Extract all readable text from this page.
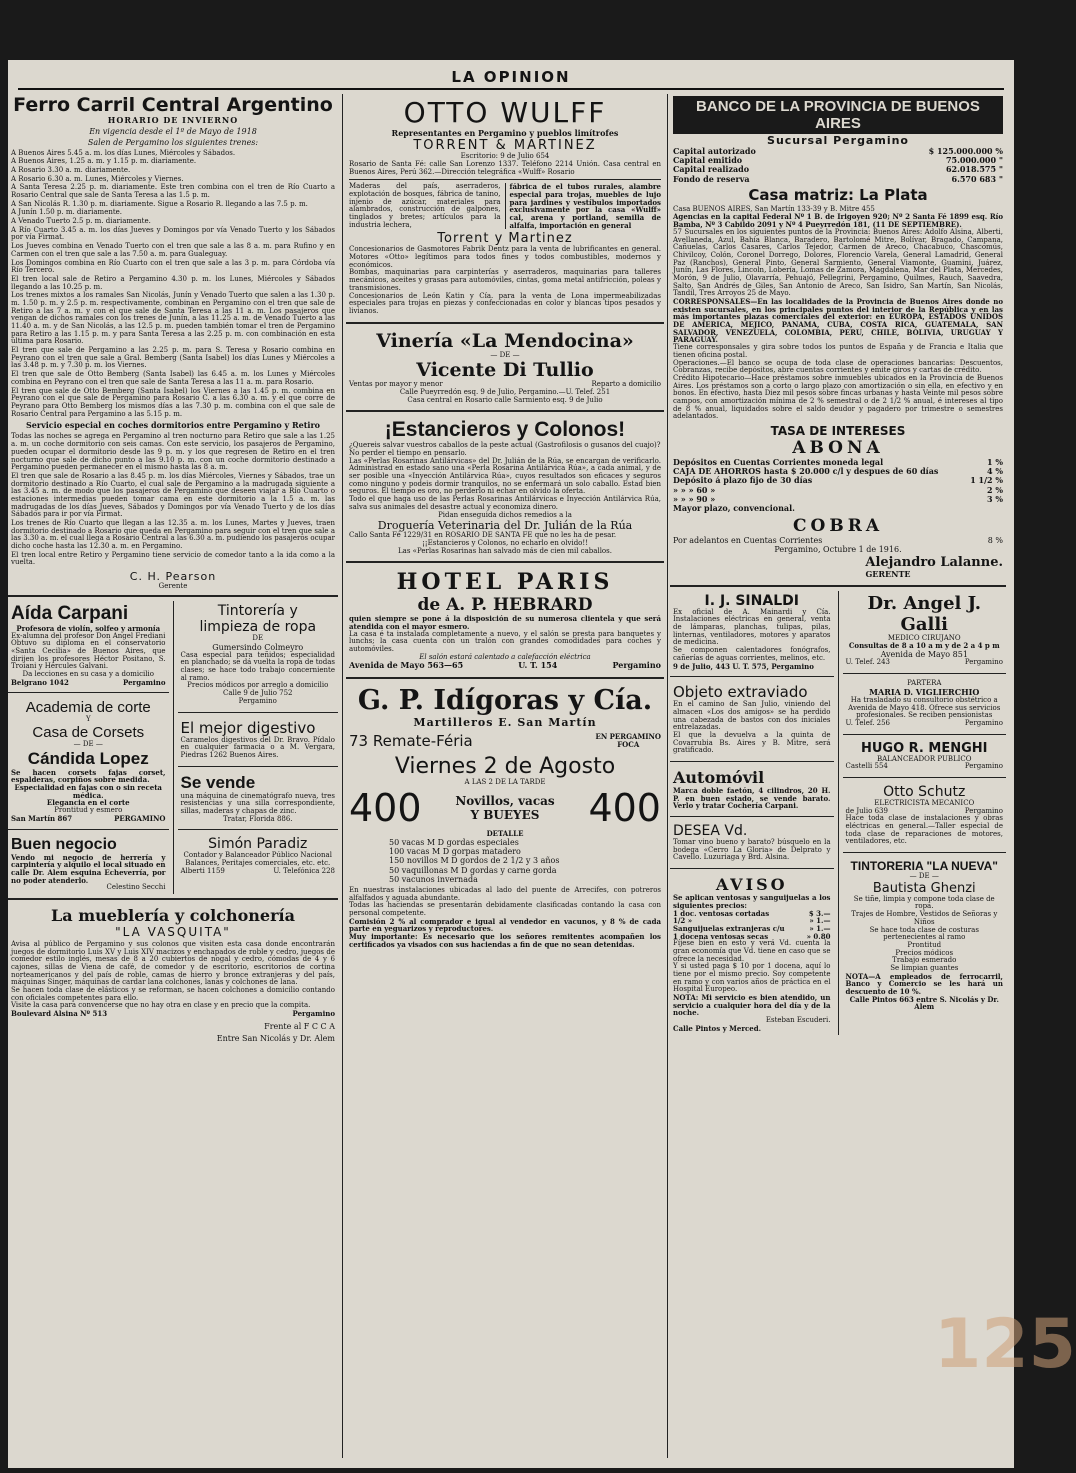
LA OPINION
Ferro Carril Central Argentino
HORARIO DE INVIERNO
En vigencia desde el 1º de Mayo de 1918
Salen de Pergamino los siguientes trenes:

A Buenos Aires 5.45 a. m. los días Lunes, Miércoles y Sábados.

A Buenos Aires, 1.25 a. m. y 1.15 p. m. diariamente.

A Rosario 3.30 a. m. diariamente.

A Rosario 6.30 a. m. Lunes, Miércoles y Viernes.

A Santa Teresa 2.25 p. m. diariamente. Este tren combina con el tren de Río Cuarto a Rosario Central que sale de Santa Teresa a las 1.5 p. m.

A San Nicolás R. 1.30 p. m. diariamente. Sigue a Rosario R. llegando a las 7.5 p. m.

A Junín 1.50 p. m. diariamente.

A Venado Tuerto 2.5 p. m. diariamente.

A Río Cuarto 3.45 a. m. los días Jueves y Domingos por vía Venado Tuerto y los Sábados por vía Firmat.

Los Jueves combina en Venado Tuerto con el tren que sale a las 8 a. m. para Rufino y en Carmen con el tren que sale a las 7.50 a. m. para Gualeguay.

Los Domingos combina en Río Cuarto con el tren que sale a las 3 p. m. para Córdoba vía Río Tercero.

El tren local sale de Retiro a Pergamino 4.30 p. m. los Lunes, Miércoles y Sábados llegando a las 10.25 p. m.

Los trenes mixtos a los ramales San Nicolás, Junín y Venado Tuerto que salen a las 1.30 p. m. 1.50 p. m. y 2.5 p. m. respectivamente, combinan en Pergamino con el tren que sale de Retiro a las 7 a. m. y con el que sale de Santa Teresa a las 11 a. m. Los pasajeros que vengan de dichos ramales con los trenes de Junín, a las 11.25 a. m. de Venado Tuerto a las 11.40 a. m. y de San Nicolás, a las 12.5 p. m. pueden también tomar el tren de Pergamino para Retiro a las 1.15 p. m. y para Santa Teresa a las 2.25 p. m. con combinación en esta última para Rosario.

El tren que sale de Pergamino a las 2.25 p. m. para S. Teresa y Rosario combina en Peyrano con el tren que sale a Gral. Bemberg (Santa Isabel) los días Lunes y Miércoles a las 3.48 p. m. y 7.30 p. m. los Viernes.

El tren que sale de Otto Bemberg (Santa Isabel) las 6.45 a. m. los Lunes y Miércoles combina en Peyrano con el tren que sale de Santa Teresa a las 11 a. m. para Rosario.

El tren que sale de Otto Bemberg (Santa Isabel) los Viernes a las 1.45 p. m. combina en Peyrano con el que sale de Pergamino para Rosario C. a las 6.30 a. m. y el que corre de Peyrano para Otto Bemberg los mismos días a las 7.30 p. m. combina con el que sale de Rosario Central para Pergamino a las 5.15 p. m.

Servicio especial en coches dormitorios entre Pergamino y Retiro

Todas las noches se agrega en Pergamino al tren nocturno para Retiro que sale a las 1.25 a. m. un coche dormitorio con seis camas. Con este servicio, los pasajeros de Pergamino, pueden ocupar el dormitorio desde las 9 p. m. y los que regresen de Retiro en el tren nocturno que sale de dicho punto a las 9.10 p. m. con un coche dormitorio destinado a Pergamino pueden permanecer en el mismo hasta las 8 a. m.

El tren que sale de Rosario a las 8.45 p. m. los días Miércoles, Viernes y Sábados, trae un dormitorio destinado a Río Cuarto, el cual sale de Pergamino a la madrugada siguiente a las 3.45 a. m. de modo que los pasajeros de Pergamino que deseen viajar a Río Cuarto o estaciones intermedias pueden tomar cama en este dormitorio a la 1.5 a. m. las madrugadas de los días Jueves, Sábados y Domingos por vía Venado Tuerto y de los días Sábados para ir por vía Firmat.

Los trenes de Río Cuarto que llegan a las 12.35 a. m. los Lunes, Martes y Jueves, traen dormitorio destinado a Rosario que queda en Pergamino para seguir con el tren que sale a las 3.30 a. m. el cual llega a Rosario Central a las 6.30 a. m. pudiendo los pasajeros ocupar dicho coche hasta las 12.30 a. m. en Pergamino.

El tren local entre Retiro y Pergamino tiene servicio de comedor tanto a la ida como a la vuelta.

C. H. Pearson
Gerente
Aída Carpani
Profesora de violín, solfeo y armonía
Ex-alumna del profesor Don Angel Frediani
Obtuvo su diploma en el conservatorio «Santa Cecilia» de Buenos Aires, que dirijen los profesores Héctor Positano, S. Troiani y Hércules Galvani.
Da lecciones en su casa y a domicilio
Belgrano 1042	Pergamino
Academia de corte
Y
Casa de Corsets
— DE —
Cándida Lopez
Se hacen corsets fajas corset, espalderas, corpiños sobre medida.
Especialidad en fajas con o sin receta médica.
Elegancia en el corte
Prontitud y esmero
San Martín 867	PERGAMINO
Buen negocio
Vendo mi negocio de herrería y carpintería y alquilo el local situado en calle Dr. Alem esquina Echeverría, por no poder atenderlo.
Celestino Secchi
Tintorería y
limpieza de ropa
DE
Gumersindo Colmeyro
Casa especial para teñidos; especialidad en planchado; se dá vuelta la ropa de todas clases; se hace todo trabajo concerniente al ramo.
Precios módicos por arreglo a domicilio
Calle 9 de Julio 752
Pergamino
El mejor digestivo
Caramelos digestivos del Dr. Bravo. Pídalo en cualquier farmacia o a M. Vergara, Piedras 1262 Buenos Aires.
Se vende
una máquina de cinematógrafo nueva, tres resistencias y una silla correspondiente, sillas, maderas y chapas de zinc.
Tratar, Florida 886.
Simón Paradiz
Contador y Balanceador Público Nacional
Balances, Peritajes comerciales, etc. etc.
Alberti 1159	U. Telefónica 228
La mueblería y colchonería
"LA VASQUITA"
Avisa al público de Pergamino y sus colonos que visiten esta casa donde encontrarán juegos de dormitorio Luis XV y Luis XIV macizos y enchapados de roble y cedro, juegos de comedor estilo inglés, mesas de 8 a 20 cubiertos de nogal y cedro, cómodas de 4 y 6 cajones, sillas de Viena de café, de comedor y de escritorio, escritorios de cortina norteamericanos y del país de roble, camas de hierro y bronce extranjeras y del país, máquinas Singer, máquinas de cardar lana colchones, lanas y colchones de lana.
Se hacen toda clase de elásticos y se reforman, se hacen colchones a domicilio contando con oficiales competentes para ello.
Visite la casa para convencerse que no hay otra en clase y en precio que la compita.
Boulevard Alsina Nº 513	Pergamino
Frente al F C C A
Entre San Nicolás y Dr. Alem
OTTO WULFF
Representantes en Pergamino y pueblos limítrofes
TORRENT & MARTINEZ
Escritorio: 9 de Julio 654
Rosario de Santa Fé: calle San Lorenzo 1337. Teléfono 2214 Unión. Casa central en Buenos Aires, Perú 362.—Dirección telegráfica «Wulff» Rosario
Maderas del país, aserraderos, explotación de bosques, fábrica de tanino, injenio de azúcar, materiales para alambrados, construcción de galpones, tinglados y bretes; artículos para la industria lechera,
fábrica de el tubos rurales, alambre especial para trojas, muebles de lujo para jardines y vestíbulos importados exclusivamente por la casa «Wulff» cal, arena y portland, semilla de alfalfa, importación en general
Torrent y Martinez
Concesionarios de Gasmotores Fabrik Dentz para la venta de lubrificantes en general. Motores «Otto» legítimos para todos fines y todos combustibles, modernos y económicos.
Bombas, maquinarias para carpinterías y aserraderos, maquinarias para talleres mecánicos, aceites y grasas para automóviles, cintas, goma metal antifricción, poleas y transmisiones.
Concesionarios de León Katin y Cía. para la venta de Lona impermeabilizadas especiales para trojas en piezas y confeccionadas en color y blancas tipos pesados y livianos.
Vinería «La Mendocina»
— DE —
Vicente Di Tullio
Ventas por mayor y menor	Reparto a domicilio
Calle Pueyrredón esq. 9 de Julio, Pergamino.—U. Telef. 251
Casa central en Rosario calle Sarmiento esq. 9 de Julio
¡Estancieros y Colonos!
¿Quereis salvar vuestros caballos de la peste actual (Gastrofilosis o gusanos del cuajo)?
No perder el tiempo en pensarlo.
Las «Perlas Rosarinas Antilárvicas» del Dr. Julián de la Rúa, se encargan de verificarlo. Administrad en estado sano una «Perla Rosarina Antilárvica Rúa», a cada animal, y de ser posible una «Inyección Antilárvica Rúa», cuyos resultados son eficaces y seguros como ninguno y podeis dormir tranquilos, no se enfermará un solo caballo. Estad bien seguros. El tiempo es oro, no perderlo ni echar en olvido la oferta.
Todo el que haga uso de las Perlas Rosarinas Antilárvicas e Inyección Antilárvica Rúa, salva sus animales del desastre actual y economiza dinero.
Pidan enseguida dichos remedios a la
Droguería Veterinaria del Dr. Julián de la Rúa
Callo Santa Fé 1229/31 en ROSARIO DE SANTA FE que no les ha de pesar.
¡¡Estancieros y Colonos, no echarlo en olvido!!
Las «Perlas Rosarinas han salvado más de cien mil caballos.
HOTEL PARIS
de A. P. HEBRARD
quien siempre se pone á la disposición de su numerosa clientela y que será atendida con el mayor esmero.
La casa é ta instalada completamente a nuevo, y el salón se presta para banquetes y lunchs; la casa cuenta con un tralón con grandes comodidades para coches y automóviles.
El salón estará calentado a calefacción eléctrica
Avenida de Mayo 563—65	U. T. 154	Pergamino
G. P. Idígoras y Cía.
Martilleros E. San Martín
73 Remate-Féria	EN PERGAMINO
FOCA
Viernes 2 de Agosto
A LAS 2 DE LA TARDE
400	Novillos, vacas
Y BUEYES	400
DETALLE
50 vacas M D gordas especiales
100 vacas M D gorpas matadero
150 novillos M D gordos de 2 1/2 y 3 años
50 vaquillonas M D gordas y carne gorda
50 vacunos invernada
En nuestras instalaciones ubicadas al lado del puente de Arrecifes, con potreros alfalfados y aguada abundante.
Todas las haciendas se presentarán debidamente clasificadas contando la casa con personal competente.
Comisión 2 % al comprador e igual al vendedor en vacunos, y 8 % de cada parte en yeguarizos y reproductores.
Muy importante: Es necesario que los señores remitentes acompañen los certificados ya visados con sus haciendas a fin de que no sean detenidas.
BANCO DE LA PROVINCIA DE BUENOS AIRES
Sucursal Pergamino
Capital autorizado	$ 125.000.000 %
Capital emitido	75.000.000 "
Capital realizado	62.018.575 "
Fondo de reserva	6.570 683 "
Casa matriz: La Plata
Casa BUENOS AIRES, San Martín 133-39 y B. Mitre 455
Agencias en la capital Federal Nº 1 B. de Irigoyen 920; Nº 2 Santa Fé 1899 esq. Río Bamba, Nº 3 Cabildo 2091 y Nº 4 Pueyrredón 181, (11 DE SEPTIEMBRE).
57 Sucursales en los siguientes puntos de la Provincia: Buenos Aires: Adolfo Alsina, Alberti, Avellaneda, Azul, Bahía Blanca, Baradero, Bartolomé Mitre, Bolívar, Bragado, Campana, Cañuelas, Carlos Casares, Carlos Tejedor, Carmen de Areco, Chacabuco, Chascomús, Chivilcoy, Colón, Coronel Dorrego, Dolores, Florencio Varela, General Lamadrid, General Paz (Ranchos), General Pinto, General Sarmiento, General Viamonte, Guamini, Juárez, Junín, Las Flores, Lincoln, Lobería, Lomas de Zamora, Magdalena, Mar del Plata, Mercedes, Morón, 9 de Julio, Olavarría, Pehuajó, Pellegrini, Pergamino, Quilmes, Rauch, Saavedra, Salto, San Andrés de Giles, San Antonio de Areco, San Isidro, San Martín, San Nicolás, Tandil, Tres Arroyos 25 de Mayo.
CORRESPONSALES—En las localidades de la Provincia de Buenos Aires donde no existen sucursales, en los principales puntos del interior de la República y en las más importantes plazas comerciales del exterior: en EUROPA, ESTADOS UNIDOS DE AMERICA, MEJICO, PANAMA, CUBA, COSTA RICA, GUATEMALA, SAN SALVADOR, VENEZUELA, COLOMBIA, PERU, CHILE, BOLIVIA, URUGUAY Y PARAGUAY.
Tiene corresponsales y gira sobre todos los puntos de España y de Francia e Italia que tienen oficina postal.
Operaciones.—El banco se ocupa de toda clase de operaciones bancarias: Descuentos, Cobranzas, recibe depósitos, abre cuentas corrientes y emite giros y cartas de crédito.
Crédito Hipotecario—Hace préstamos sobre inmuebles ubicados en la Provincia de Buenos Aires. Los préstamos son a corto o largo plazo con amortización o sin ella, en efectivo y en bonos. En efectivo, hasta Diez mil pesos sobre fincas urbanas y hasta Veinte mil pesos sobre campos, con amortización mínima de 2 % semestral o de 2 1/2 % anual, é intereses al tipo de 8 % anual, liquidados sobre el saldo deudor y pagadero por trimestre o semestres adelantados.
TASA DE INTERESES
ABONA
Depósitos en Cuentas Corrientes moneda legal	1 %
CAJA DE AHORROS hasta $ 20.000 c/l y despues de 60 días	4 %
Depósito á plazo fijo de 30 días	1 1/2 %
» » » 60 »	2 %
» » » 90 »	3 %
Mayor plazo, convencional.
COBRA
Por adelantos en Cuentas Corrientes	8 %
Pergamino, Octubre 1 de 1916.
Alejandro Lalanne.
GERENTE
I. J. SINALDI
Ex oficial de A. Mainardi y Cía. Instalaciones eléctricas en general, venta de lámparas, planchas, tulipas, pilas, linternas, ventiladores, motores y aparatos de medicina.
Se componen calentadores fonógrafos, cañerías de aguas corrientes, melinos, etc.
9 de Julio, 443 U. T. 575, Pergamino
Objeto extraviado
En el camino de San Julio, viniendo del almacen «Los dos amigos» se ha perdido una cabezada de bastos con dos iniciales entrelazadas.
El que la devuelva a la quinta de Covarrubia Bs. Aires y B. Mitre, será gratificado.
Automóvil
Marca doble faetón, 4 cilindros, 20 H. P. en buen estado, se vende barato. Verlo y tratar Cochería Carpani.
DESEA Vd.
Tomar vino bueno y barato? búsquelo en la bodega «Cerro La Gloria» de Delprato y Cavello. Luzuriaga y Brd. Alsina.
AVISO
Se aplican ventosas y sanguijuelas a los siguientes precios:
1 doc. ventosas cortadas	$ 3.—
1/2 »	» 1.—
Sanguijuelas extranjeras c/u	» 1.—
1 docena ventosas secas	» 0.80
Fíjese bien en esto y verá Vd. cuenta la gran economía que Vd. tiene en caso que se ofrece la necesidad.
Y si usted paga $ 10 por 1 docena, aquí lo tiene por el mismo precio. Soy competente en ramo y con varios años de práctica en el Hospital Europeo.
NOTA: Mi servicio es bien atendido, un servicio a cualquier hora del día y de la noche.
Esteban Escuderi.
Calle Pintos y Merced.
Dr. Angel J. Galli
MEDICO CIRUJANO
Consultas de 8 a 10 a m y de 2 a 4 p m
Avenida de Mayo 851
U. Telef. 243	Pergamino
PARTERA
MARIA D. VIGLIERCHIO
Ha trasladado su consultorio obstétrico a Avenida de Mayo 418. Ofrece sus servicios profesionales. Se reciben pensionistas
U. Telef. 256	Pergamino
HUGO R. MENGHI
BALANCEADOR PUBLICO
Castelli 554	Pergamino
Otto Schutz
ELECTRICISTA MECANICO
de Julio 639	Pergamino
Hace toda clase de instalaciones y obras eléctricas en general.—Taller especial de toda clase de reparaciones de motores, ventiladores, etc.
TINTORERIA "LA NUEVA"
— DE —
Bautista Ghenzi
Se tiñe, limpia y compone toda clase de ropa.
Trajes de Hombre, Vestidos de Señoras y Niños
Se hace toda clase de costuras pertenecientes al ramo
Prontitud
Precios módicos
Trabajo esmerado
Se limpian guantes
NOTA—A empleados de ferrocarril, Banco y Comercio se les hará un descuento de 10 %.
Calle Pintos 663 entre S. Nicolás y Dr. Alem
125
